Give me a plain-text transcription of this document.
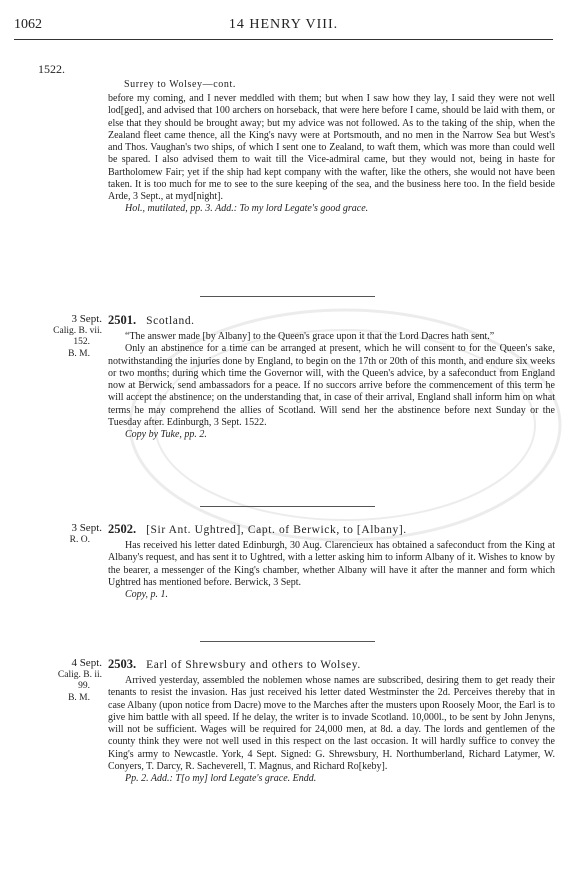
1062	14 HENRY VIII.
1522.
Surrey to Wolsey—cont.
before my coming, and I never meddled with them; but when I saw how they lay, I said they were not well lod[ged], and advised that 100 archers on horseback, that were here before I came, should be laid with them, or else that they should be brought away; but my advice was not followed. As to the taking of the ship, when the Zealand fleet came thence, all the King's navy were at Portsmouth, and no men in the Narrow Sea but West's and Thos. Vaughan's two ships, of which I sent one to Zealand, to waft them, which was more than could well be spared. I also advised them to wait till the Vice-admiral came, but they would not, being in haste for Bartholomew Fair; yet if the ship had kept company with the wafter, like the others, she would not have been taken. It is too much for me to see to the sure keeping of the sea, and the business here too. In the field beside Arde, 3 Sept., at myd[night].
Hol., mutilated, pp. 3. Add.: To my lord Legate's good grace.
3 Sept.
Calig. B. vii.
152.
B. M.
2501. Scotland.
“The answer made [by Albany] to the Queen's grace upon it that the Lord Dacres hath sent.”
Only an abstinence for a time can be arranged at present, which he will consent to for the Queen's sake, notwithstanding the injuries done by England, to begin on the 17th or 20th of this month, and endure six weeks or two months; during which time the Governor will, with the Queen's advice, by a safeconduct from England now at Berwick, send ambassadors for a peace. If no succors arrive before the commencement of this term he will accept the abstinence; on the understanding that, in case of their arrival, England shall inform him on what terms he may comprehend the allies of Scotland. Will send her the abstinence before next Sunday or the Tuesday after. Edinburgh, 3 Sept. 1522.
Copy by Tuke, pp. 2.
3 Sept.
R. O.
2502. [Sir Ant. Ughtred], Capt. of Berwick, to [Albany].
Has received his letter dated Edinburgh, 30 Aug. Clarencieux has obtained a safeconduct from the King at Albany's request, and has sent it to Ughtred, with a letter asking him to inform Albany of it. Wishes to know by the bearer, a messenger of the King's chamber, whether Albany will have it after the manner and form which Ughtred has mentioned before. Berwick, 3 Sept.
Copy, p. 1.
4 Sept.
Calig. B. ii.
99.
B. M.
2503. Earl of Shrewsbury and others to Wolsey.
Arrived yesterday, assembled the noblemen whose names are subscribed, desiring them to get ready their tenants to resist the invasion. Has just received his letter dated Westminster the 2d. Perceives thereby that in case Albany (upon notice from Dacre) move to the Marches after the musters upon Roosely Moor, the Earl is to give him battle with all speed. If he delay, the writer is to invade Scotland. 10,000l., to be sent by John Jenyns, will not be sufficient. Wages will be required for 24,000 men, at 8d. a day. The lords and gentlemen of the county think they were not well used in this respect on the last occasion. It will hardly suffice to convey the King's army to Newcastle. York, 4 Sept. Signed: G. Shrewsbury, H. Northumberland, Richard Latymer, W. Conyers, T. Darcy, R. Sacheverell, T. Magnus, and Richard Ro[keby].
Pp. 2. Add.: T[o my] lord Legate's grace. Endd.
